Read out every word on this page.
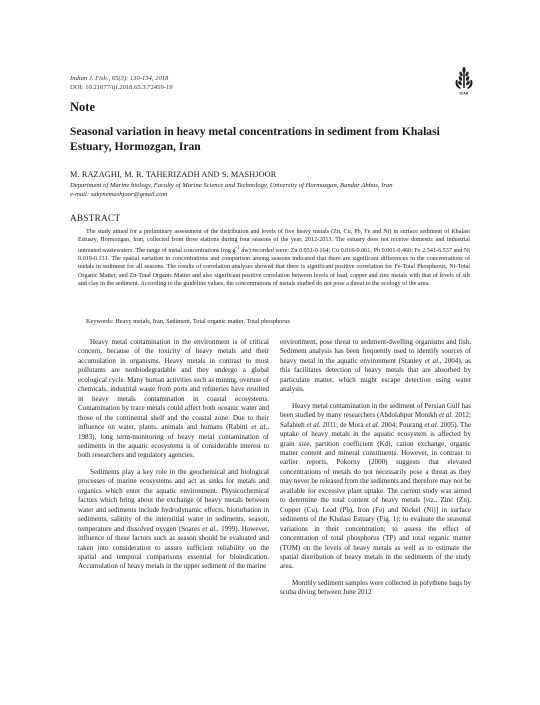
Indian J. Fish., 65(3): 130-134, 2018
DOI: 10.21077/ijf.2018.65.3.72459-19
ICAR
Note
Seasonal variation in heavy metal concentrations in sediment from Khalasi Estuary, Hormozgan, Iran
M. RAZAGHI, M. R. TAHERIZADH AND S. MASHJOOR
Department of Marine biology, Faculty of Marine Science and Technology, University of Hormozgan, Bandar Abbas, Iran
e-mail: sakynemashjoor@gmail.com
ABSTRACT

The study aimed for a preliminary assessment of the distribution and levels of five heavy metals (Zn, Cu, Pb, Fe and Ni) in surface sediment of Khalasi Estuary, Hormozgan, Iran, collected from three stations during four seasons of the year, 2012-2013. The estuary does not receive domestic and industrial untreated wastewaters. The range of metal concentrations (mg $g^{-1}$ dw) recorded were: Zn 0.051-0.164; Cu 0.016-0.061; Pb 0.001-0.460; Fe 2.541-6.537 and Ni 0.019-0.131. The spatial variation in concentrations and comparison among seasons indicated that there are significant differences in the concentrations of metals in sediment for all seasons. The results of correlation analyses showed that there is significant positive correlation for Fe-Total Phosphorus, Ni-Total Organic Matter, and Zn-Total Organic Matter and also significant positive correlation between levels of lead, copper and zinc metals with that of levels of silt and clay in the sediment. According to the guideline values, the concentrations of metals studied do not pose a threat to the ecology of the area.

Keywords: Heavy metals, Iran, Sediment, Total organic matter, Total phosphorus

Heavy metal contamination in the environment is of critical concern, because of the toxicity of heavy metals and their accumulation in organisms. Heavy metals in contrast to most pollutants are nonbiodegradable and they undergo a global ecological cycle. Many human activities such as mining, overuse of chemicals, industrial waste from ports and refineries have resulted in heavy metals contamination in coastal ecosystems. Contamination by trace metals could affect both oceanic water and those of the continental shelf and the coastal zone. Due to their influence on water, plants, animals and humans (Rabitti et al., 1983), long term-monitoring of heavy metal contamination of sediments in the aquatic ecosystems is of considerable interest to both researchers and regulatory agencies.

Sediments play a key role in the geochemical and biological processes of marine ecosystems and act as sinks for metals and organics which enter the aquatic environment. Physicochemical factors which bring about the exchange of heavy metals between water and sediments include hydrodynamic effects, bioturbation in sediments, salinity of the interstitial water in sediments, season, temperature and dissolved oxygen (Soares et al., 1999). However, influence of these factors such as season should be evaluated and taken into consideration to assure sufficient reliability on the spatial and temporal comparisons essential for bioindication. Accumulation of heavy metals in the upper sediment of the marine

environment, pose threat to sediment-dwelling organisms and fish. Sediment analysis has been frequently used to identify sources of heavy metal in the aquatic environment (Stanley et al., 2004), as this facilitates detection of heavy metals that are absorbed by particulate matter, which might escape detection using water analysis.

Heavy metal contamination in the sediment of Persian Gulf has been studied by many researchers (Abdolahpur Monikh et al. 2012; Safahieh et al. 2011; de Mora et al. 2004; Pourang et al. 2005). The uptake of heavy metals in the aquatic ecosystem is affected by grain size, partition coefficient (Kd), cation exchange, organic matter content and mineral constituents. However, in contrast to earlier reports, Pokorny (2000) suggests that elevated concentrations of metals do not necessarily pose a threat as they may never be released from the sediments and therefore may not be available for excessive plant uptake. The current study was aimed to determine the total content of heavy metals [viz., Zinc (Zn), Copper (Cu), Lead (Pb), Iron (Fe) and Nickel (Ni)] in surface sediments of the Khalasi Estuary (Fig. 1); to evaluate the seasonal variations in their concentration; to assess the effect of concentration of total phosphorus (TP) and total organic matter (TOM) on the levels of heavy metals as well as to estimate the spatial distribution of heavy metals in the sediments of the study area.

Monthly sediment samples were collected in polythene bags by scuba diving between June 2012
